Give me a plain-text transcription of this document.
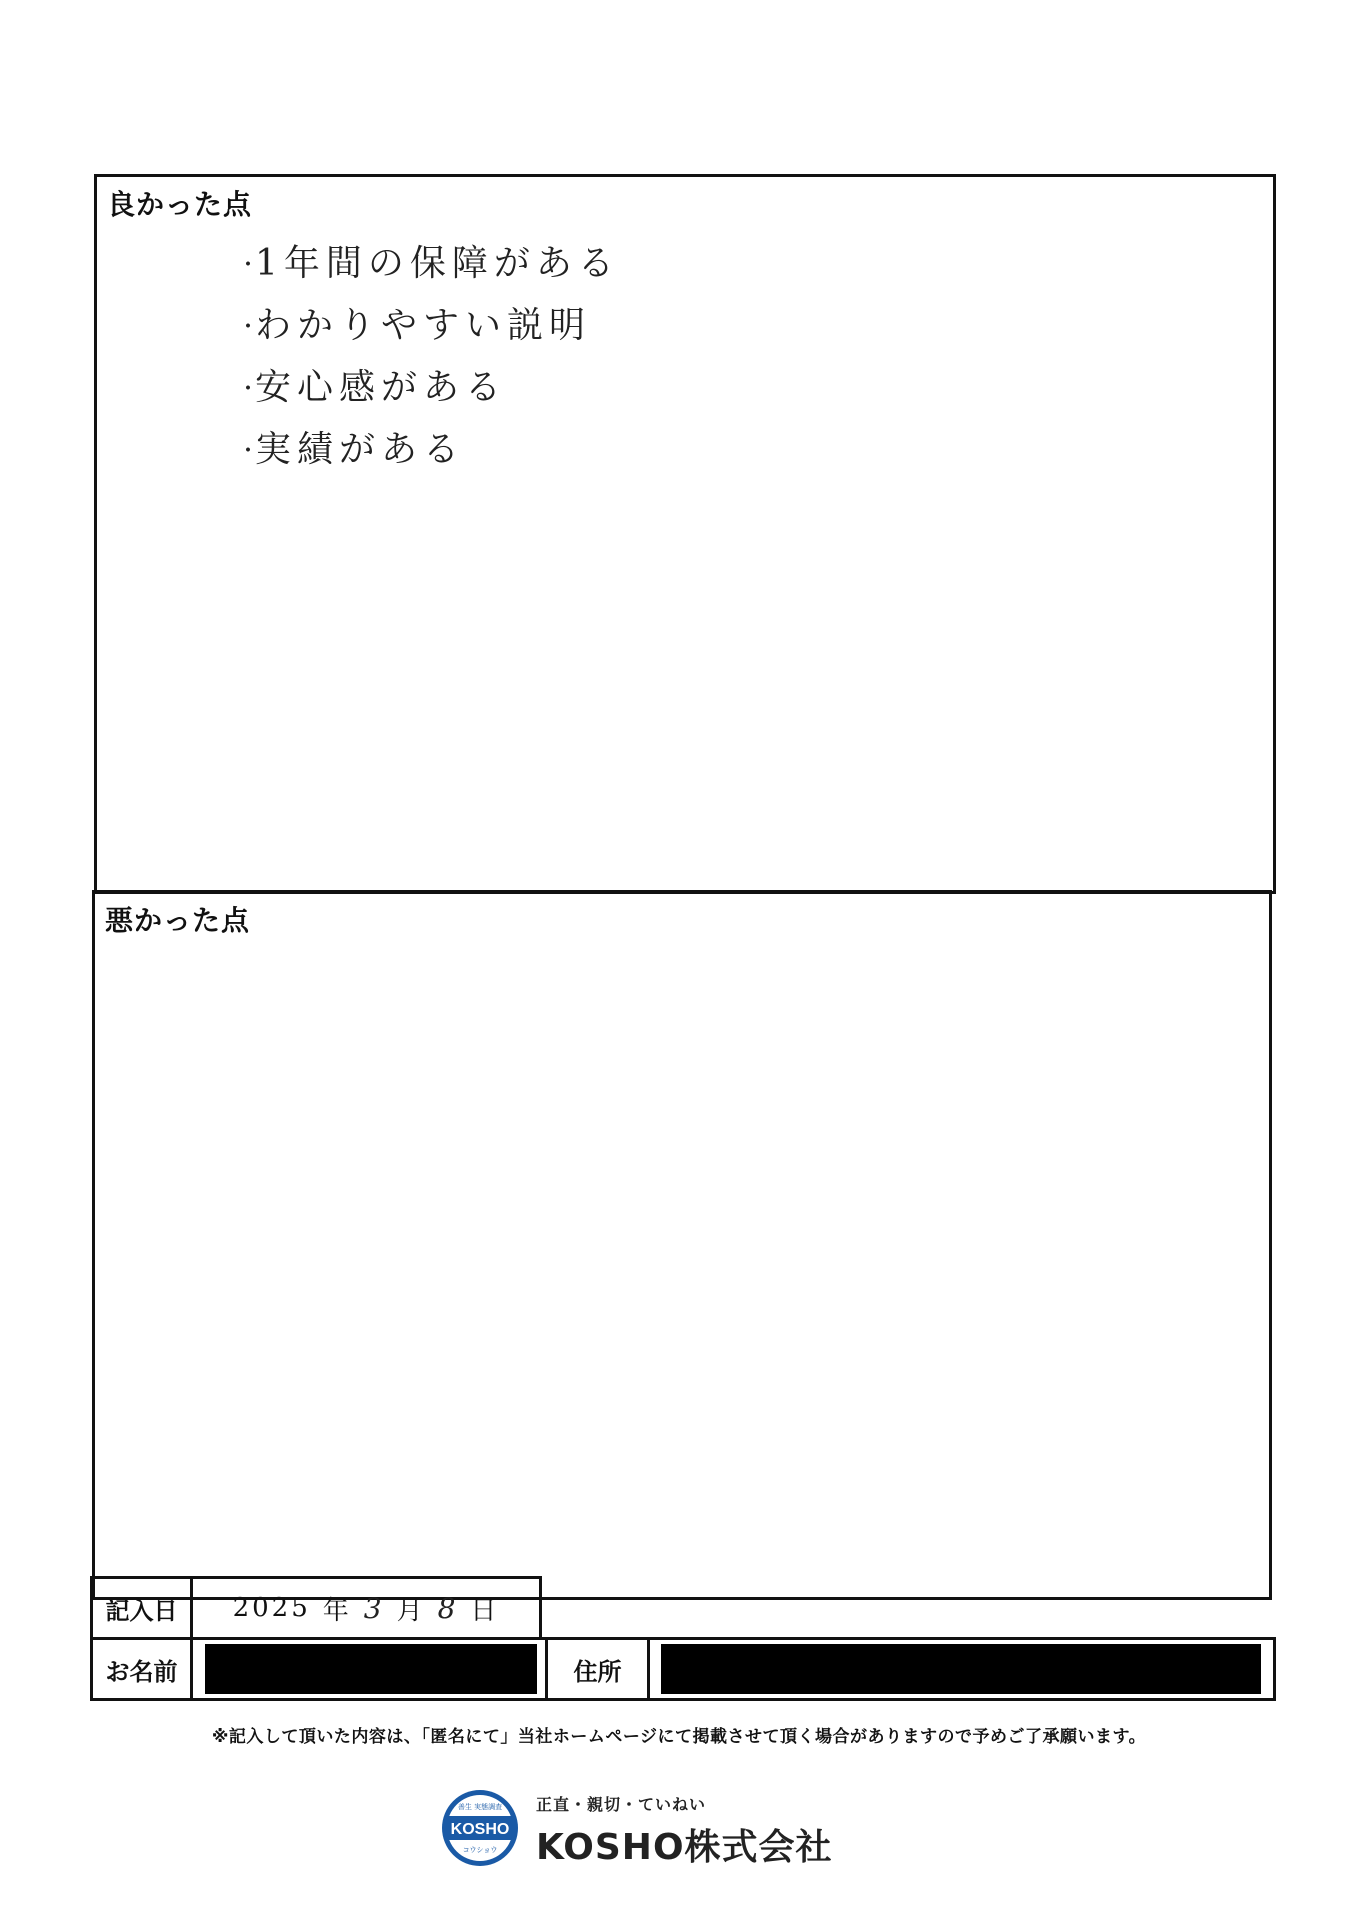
良かった点
・1年間の保障がある
・わかりやすい説明
・安心感がある
・実績がある
悪かった点
記入日	2025 年 3 月 8 日
お名前	住所
※記入して頂いた内容は、「匿名にて」当社ホームページにて掲載させて頂く場合がありますので予めご了承願います。
KOSHO
善生 実態調査
コウショウ
正直・親切・ていねい
KOSHO株式会社
